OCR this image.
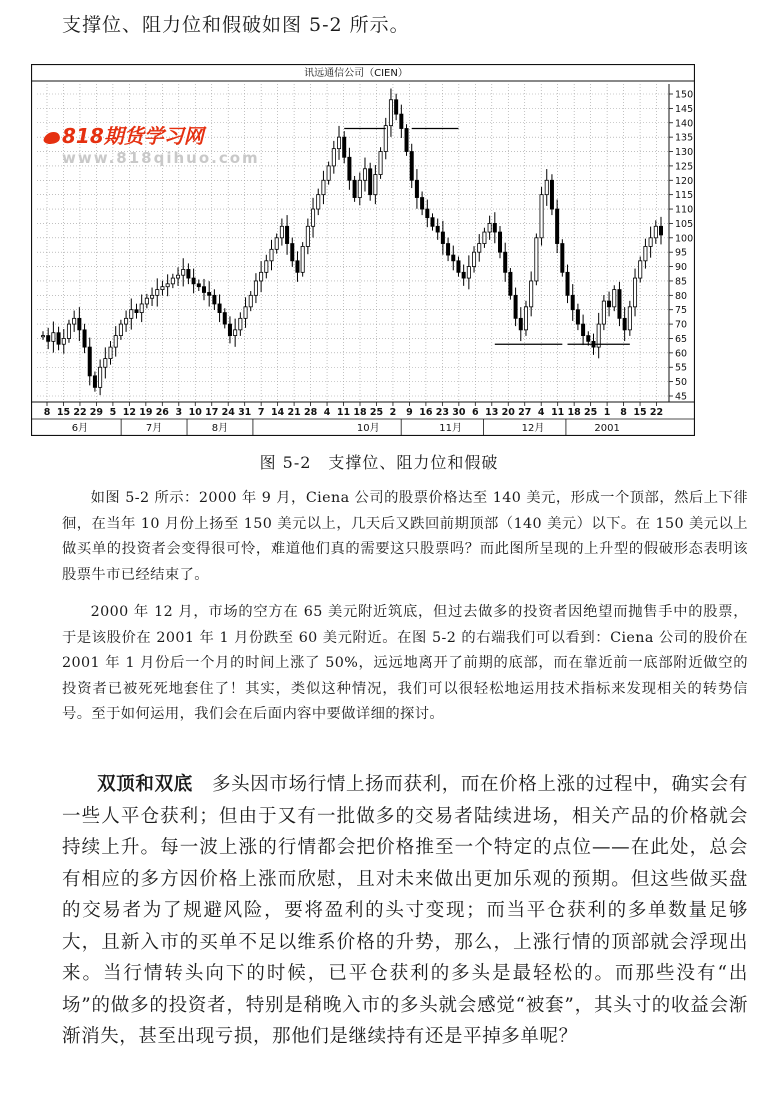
支撑位、阻力位和假破如图 5-2 所示。
讯远通信公司（CIEN）
45
50
55
60
65
70
75
80
85
90
95
100
105
110
115
120
125
130
135
140
145
150
8 15 22 29 5 12 19 26 3 10 17 24 31 7 14 21 28 4 11 18 25 2 9 16 23 30 6 13 20 27 4 11 18 25 1 8 15 22
6月	7月	8月	10月	11月	12月	2001
818期货学习网
www.818qihuo.com
图 5-2　支撑位、阻力位和假破
如图 5-2 所示：2000 年 9 月，Ciena 公司的股票价格达至 140 美元，形成一个顶部，然后上下徘徊，在当年 10 月份上扬至 150 美元以上，几天后又跌回前期顶部（140 美元）以下。在 150 美元以上做买单的投资者会变得很可怜，难道他们真的需要这只股票吗？而此图所呈现的上升型的假破形态表明该股票牛市已经结束了。
2000 年 12 月，市场的空方在 65 美元附近筑底，但过去做多的投资者因绝望而抛售手中的股票，于是该股价在 2001 年 1 月份跌至 60 美元附近。在图 5-2 的右端我们可以看到：Ciena 公司的股价在 2001 年 1 月份后一个月的时间上涨了 50%，远远地离开了前期的底部，而在靠近前一底部附近做空的投资者已被死死地套住了！其实，类似这种情况，我们可以很轻松地运用技术指标来发现相关的转势信号。至于如何运用，我们会在后面内容中要做详细的探讨。
双顶和双底　 多头因市场行情上扬而获利，而在价格上涨的过程中，确实会有一些人平仓获利；但由于又有一批做多的交易者陆续进场，相关产品的价格就会持续上升。每一波上涨的行情都会把价格推至一个特定的点位——在此处，总会有相应的多方因价格上涨而欣慰，且对未来做出更加乐观的预期。但这些做买盘的交易者为了规避风险，要将盈利的头寸变现；而当平仓获利的多单数量足够大，且新入市的买单不足以维系价格的升势，那么，上涨行情的顶部就会浮现出来。当行情转头向下的时候，已平仓获利的多头是最轻松的。而那些没有“出场”的做多的投资者，特别是稍晚入市的多头就会感觉“被套”，其头寸的收益会渐渐消失，甚至出现亏损，那他们是继续持有还是平掉多单呢？
